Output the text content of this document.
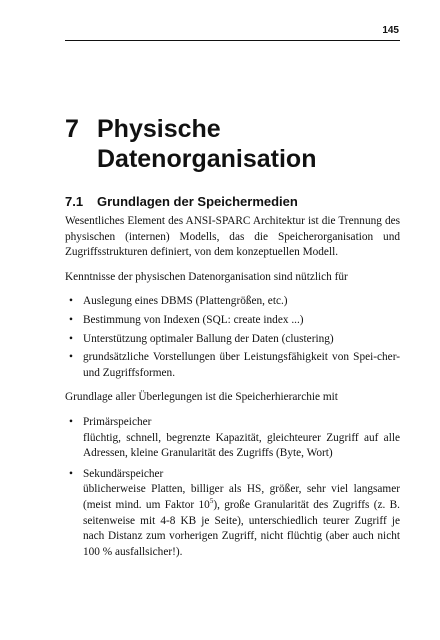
145
7 Physische
Datenorganisation
7.1 Grundlagen der Speichermedien

Wesentliches Element des ANSI-SPARC Architektur ist die Trennung des physischen (internen) Modells, das die Speicherorganisation und Zugriffsstrukturen definiert, von dem konzeptuellen Modell.

Kenntnisse der physischen Datenorganisation sind nützlich für

• Auslegung eines DBMS (Plattengrößen, etc.)
• Bestimmung von Indexen (SQL: create index ...)
• Unterstützung optimaler Ballung der Daten (clustering)
• grundsätzliche Vorstellungen über Leistungsfähigkeit von Spei-cher- und Zugriffsformen.

Grundlage aller Überlegungen ist die Speicherhierarchie mit

• Primärspeicher
flüchtig, schnell, begrenzte Kapazität, gleichteurer Zugriff auf alle Adressen, kleine Granularität des Zugriffs (Byte, Wort)
• Sekundärspeicher
üblicherweise Platten, billiger als HS, größer, sehr viel langsamer (meist mind. um Faktor $10^5$), große Granularität des Zugriffs (z. B. seitenweise mit 4-8 KB je Seite), unterschiedlich teurer Zugriff je nach Distanz zum vorherigen Zugriff, nicht flüchtig (aber auch nicht 100 % ausfallsicher!).
